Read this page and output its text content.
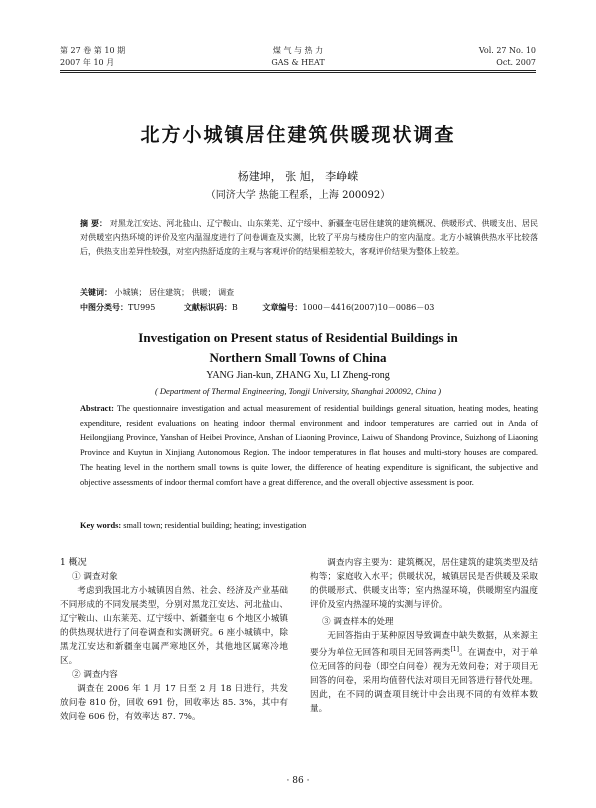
第 27 卷 第 10 期
2007 年 10 月
煤 气 与 热 力
GAS & HEAT
Vol. 27 No. 10
Oct. 2007
北方小城镇居住建筑供暖现状调查
杨建坤， 张 旭， 李峥嵘
（同济大学 热能工程系，上海 200092）
摘 要： 对黑龙江安达、河北盐山、辽宁鞍山、山东莱芜、辽宁绥中、新疆奎屯居住建筑的建筑概况、供暖形式、供暖支出、居民对供暖室内热环境的评价及室内温湿度进行了问卷调查及实测，比较了平房与楼房住户的室内温度。北方小城镇供热水平比较落后，供热支出差异性较强，对室内热舒适度的主观与客观评价的结果相差较大，客观评价结果为整体上较差。
关键词： 小城镇； 居住建筑； 供暖； 调查
中图分类号：TU995	文献标识码：B	文章编号：1000－4416(2007)10－0086－03
Investigation on Present status of Residential Buildings in
Northern Small Towns of China
YANG Jian-kun, ZHANG Xu, LI Zheng-rong
( Department of Thermal Engineering, Tongji University, Shanghai 200092, China )
Abstract: The questionnaire investigation and actual measurement of residential buildings general situation, heating modes, heating expenditure, resident evaluations on heating indoor thermal environment and indoor temperatures are carried out in Anda of Heilongjiang Province, Yanshan of Heibei Province, Anshan of Liaoning Province, Laiwu of Shandong Province, Suizhong of Liaoning Province and Kuytun in Xinjiang Autonomous Region. The indoor temperatures in flat houses and multi-story houses are compared. The heating level in the northern small towns is quite lower, the difference of heating expenditure is significant, the subjective and objective assessments of indoor thermal comfort have a great difference, and the overall objective assessment is poor.
Key words: small town; residential building; heating; investigation

1 概况

① 调查对象

考虑到我国北方小城镇因自然、社会、经济及产业基础不同形成的不同发展类型，分别对黑龙江安达、河北盐山、辽宁鞍山、山东莱芜、辽宁绥中、新疆奎屯 6 个地区小城镇的供热现状进行了问卷调查和实测研究。6 座小城镇中，除黑龙江安达和新疆奎屯属严寒地区外，其他地区属寒冷地区。

② 调查内容

调查在 2006 年 1 月 17 日至 2 月 18 日进行，共发放问卷 810 份，回收 691 份，回收率达 85. 3%，其中有效问卷 606 份，有效率达 87. 7%。

调查内容主要为：建筑概况，居住建筑的建筑类型及结构等；家庭收入水平；供暖状况，城镇居民是否供暖及采取的供暖形式、供暖支出等；室内热湿环境，供暖期室内温度评价及室内热湿环境的实测与评价。

③ 调查样本的处理

无回答指由于某种原因导致调查中缺失数据，从来源主要分为单位无回答和项目无回答两类[1]。在调查中，对于单位无回答的问卷（即空白问卷）视为无效问卷；对于项目无回答的问卷，采用均值替代法对项目无回答进行替代处理。因此，在不同的调查项目统计中会出现不同的有效样本数量。

· 86 ·
